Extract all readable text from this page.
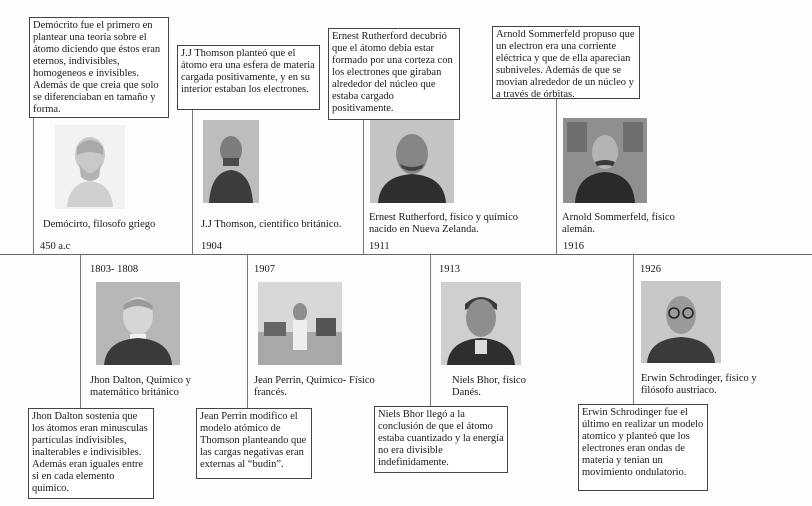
Demócrito fue el primero en plantear una teoría sobre el átomo diciendo que éstos eran eternos, indivisibles, homogeneos e invisibles. Además de que creia que solo se diferenciaban en tamaño y forma.
Demócirto, filosofo griego
450 a.c
J.J Thomson planteó que el átomo era una esfera de materia cargada positivamente, y en su interior estaban los electrones.
J.J Thomson, científico británico.
1904
Ernest Rutherford decubrió que el átomo debia estar formado por una corteza con los electrones que giraban alrededor del núcleo que estaba cargado positivamente.
Ernest Rutherford, físico y químico nacido en Nueva Zelanda.
1911
Arnold Sommerfeld propuso que un electron era una corriente eléctrica y que de ella aparecian subniveles. Además de que se movian alrededor de un núcleo y a través de órbitas.
Arnold Sommerfeld, físico alemán.
1916
1803- 1808
Jhon Dalton, Químico y matemático británico
Jhon Dalton sostenia que los átomos eran minusculas partículas indivisibles, inalterables e indivisibles. Además eran iguales entre si en cada elemento químico.
1907
Jean Perrin, Químico- Físico francés.
Jean Perrin modifico el modelo atómico de Thomson planteando que las cargas negativas eran externas al “budin”.
1913
Niels Bhor, físico Danés.
Niels Bhor llegó a la conclusión de que el átomo estaba cuantizado y la energía no era divisible indefinidamente.
1926
Erwin Schrodinger, físico y filósofo austriaco.
Erwin Schrodinger fue el último en realizar un modelo atomico y planteó que los electrones eran ondas de materia y tenian un movimiento ondulatorio.
